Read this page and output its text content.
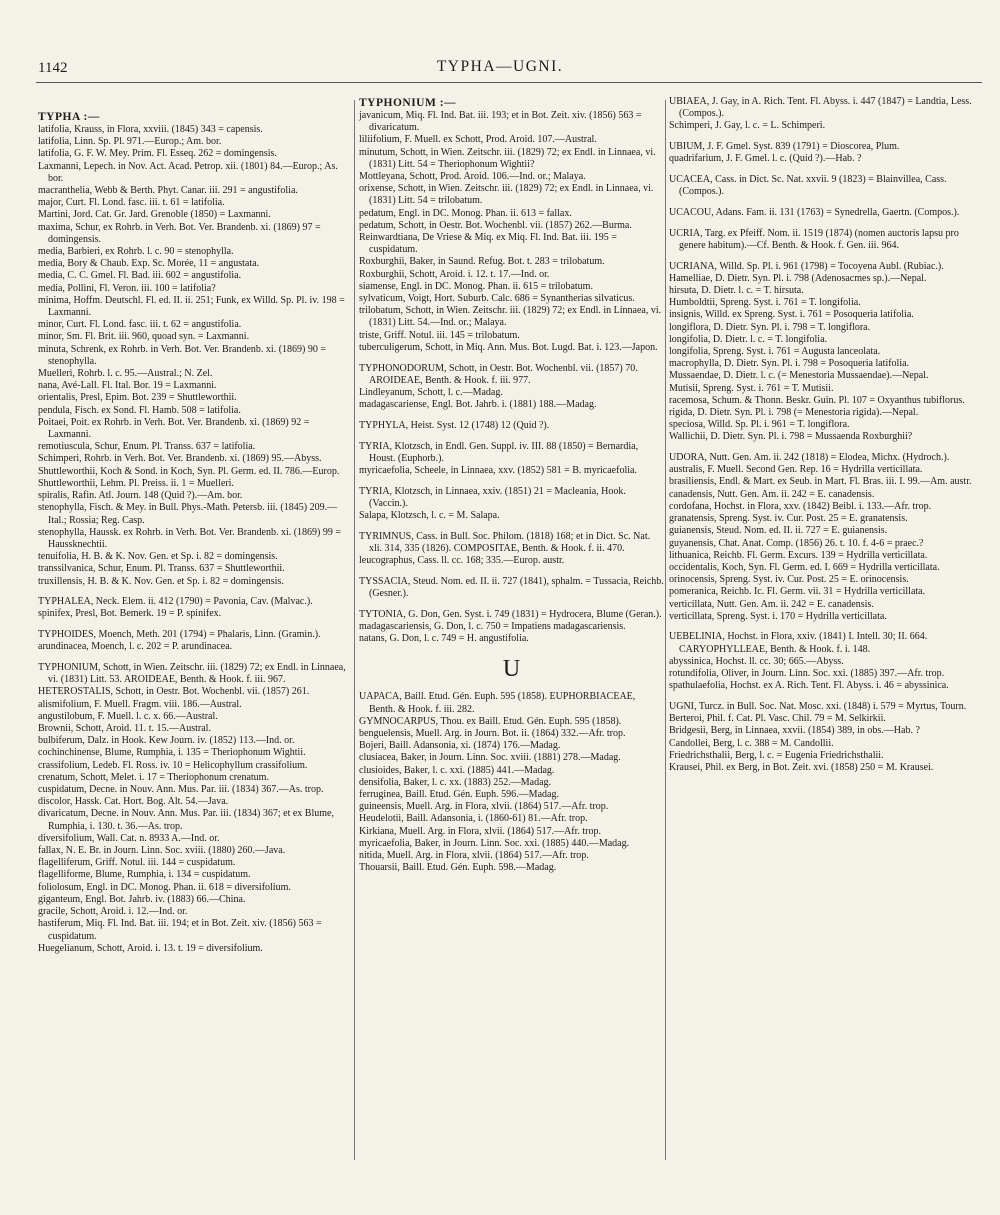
1142	TYPHA—UGNI.

TYPHA :—

latifolia, Krauss, in Flora, xxviii. (1845) 343 = capensis.

latifolia, Linn. Sp. Pl. 971.—Europ.; Am. bor.

latifolia, G. F. W. Mey. Prim. Fl. Esseq. 262 = domingensis.

Laxmanni, Lepech. in Nov. Act. Acad. Petrop. xii. (1801) 84.—Europ.; As. bor.

macranthelia, Webb & Berth. Phyt. Canar. iii. 291 = angustifolia.

major, Curt. Fl. Lond. fasc. iii. t. 61 = latifolia.

Martini, Jord. Cat. Gr. Jard. Grenoble (1850) = Laxmanni.

maxima, Schur, ex Rohrb. in Verh. Bot. Ver. Brandenb. xi. (1869) 97 = domingensis.

media, Barbieri, ex Rohrb. l. c. 90 = stenophylla.

media, Bory & Chaub. Exp. Sc. Morée, 11 = angustata.

media, C. C. Gmel. Fl. Bad. iii. 602 = angustifolia.

media, Pollini, Fl. Veron. iii. 100 = latifolia?

minima, Hoffm. Deutschl. Fl. ed. II. ii. 251; Funk, ex Willd. Sp. Pl. iv. 198 = Laxmanni.

minor, Curt. Fl. Lond. fasc. iii. t. 62 = angustifolia.

minor, Sm. Fl. Brit. iii. 960, quoad syn. = Laxmanni.

minuta, Schrenk, ex Rohrb. in Verh. Bot. Ver. Brandenb. xi. (1869) 90 = stenophylla.

Muelleri, Rohrb. l. c. 95.—Austral.; N. Zel.

nana, Avé-Lall. Fl. Ital. Bor. 19 = Laxmanni.

orientalis, Presl, Epim. Bot. 239 = Shuttleworthii.

pendula, Fisch. ex Sond. Fl. Hamb. 508 = latifolia.

Poitaei, Poit. ex Rohrb. in Verh. Bot. Ver. Brandenb. xi. (1869) 92 = Laxmanni.

remotiuscula, Schur, Enum. Pl. Transs. 637 = latifolia.

Schimperi, Rohrb. in Verh. Bot. Ver. Brandenb. xi. (1869) 95.—Abyss.

Shuttleworthii, Koch & Sond. in Koch, Syn. Pl. Germ. ed. II. 786.—Europ.

Shuttleworthii, Lehm. Pl. Preiss. ii. 1 = Muelleri.

spiralis, Rafin. Atl. Journ. 148 (Quid ?).—Am. bor.

stenophylla, Fisch. & Mey. in Bull. Phys.-Math. Petersb. iii. (1845) 209.—Ital.; Rossia; Reg. Casp.

stenophylla, Haussk. ex Rohrb. in Verh. Bot. Ver. Brandenb. xi. (1869) 99 = Haussknechtii.

tenuifolia, H. B. & K. Nov. Gen. et Sp. i. 82 = domingensis.

transsilvanica, Schur, Enum. Pl. Transs. 637 = Shuttleworthii.

truxillensis, H. B. & K. Nov. Gen. et Sp. i. 82 = domingensis.

TYPHALEA, Neck. Elem. ii. 412 (1790) = Pavonia, Cav. (Malvac.).

spinifex, Presl, Bot. Bemerk. 19 = P. spinifex.

TYPHOIDES, Moench, Meth. 201 (1794) = Phalaris, Linn. (Gramin.).

arundinacea, Moench, l. c. 202 = P. arundinacea.

TYPHONIUM, Schott, in Wien. Zeitschr. iii. (1829) 72; ex Endl. in Linnaea, vi. (1831) Litt. 53. AROIDEAE, Benth. & Hook. f. iii. 967.

HETEROSTALIS, Schott, in Oestr. Bot. Wochenbl. vii. (1857) 261.

alismifolium, F. Muell. Fragm. viii. 186.—Austral.

angustilobum, F. Muell. l. c. x. 66.—Austral.

Brownii, Schott, Aroid. 11. t. 15.—Austral.

bulbiferum, Dalz. in Hook. Kew Journ. iv. (1852) 113.—Ind. or.

cochinchinense, Blume, Rumphia, i. 135 = Theriophonum Wightii.

crassifolium, Ledeb. Fl. Ross. iv. 10 = Helicophyllum crassifolium.

crenatum, Schott, Melet. i. 17 = Theriophonum crenatum.

cuspidatum, Decne. in Nouv. Ann. Mus. Par. iii. (1834) 367.—As. trop.

discolor, Hassk. Cat. Hort. Bog. Alt. 54.—Java.

divaricatum, Decne. in Nouv. Ann. Mus. Par. iii. (1834) 367; et ex Blume, Rumphia, i. 130. t. 36.—As. trop.

diversifolium, Wall. Cat. n. 8933 A.—Ind. or.

fallax, N. E. Br. in Journ. Linn. Soc. xviii. (1880) 260.—Java.

flagelliferum, Griff. Notul. iii. 144 = cuspidatum.

flagelliforme, Blume, Rumphia, i. 134 = cuspidatum.

foliolosum, Engl. in DC. Monog. Phan. ii. 618 = diversifolium.

giganteum, Engl. Bot. Jahrb. iv. (1883) 66.—China.

gracile, Schott, Aroid. i. 12.—Ind. or.

hastiferum, Miq. Fl. Ind. Bat. iii. 194; et in Bot. Zeit. xiv. (1856) 563 = cuspidatum.

Huegelianum, Schott, Aroid. i. 13. t. 19 = diversifolium.

TYPHONIUM :—

javanicum, Miq. Fl. Ind. Bat. iii. 193; et in Bot. Zeit. xiv. (1856) 563 = divaricatum.

liliifolium, F. Muell. ex Schott, Prod. Aroid. 107.—Austral.

minutum, Schott, in Wien. Zeitschr. iii. (1829) 72; ex Endl. in Linnaea, vi. (1831) Litt. 54 = Theriophonum Wightii?

Mottleyana, Schott, Prod. Aroid. 106.—Ind. or.; Malaya.

orixense, Schott, in Wien. Zeitschr. iii. (1829) 72; ex Endl. in Linnaea, vi. (1831) Litt. 54 = trilobatum.

pedatum, Engl. in DC. Monog. Phan. ii. 613 = fallax.

pedatum, Schott, in Oestr. Bot. Wochenbl. vii. (1857) 262.—Burma.

Reinwardtiana, De Vriese & Miq. ex Miq. Fl. Ind. Bat. iii. 195 = cuspidatum.

Roxburghii, Baker, in Saund. Refug. Bot. t. 283 = trilobatum.

Roxburghii, Schott, Aroid. i. 12. t. 17.—Ind. or.

siamense, Engl. in DC. Monog. Phan. ii. 615 = trilobatum.

sylvaticum, Voigt, Hort. Suburb. Calc. 686 = Synantherias silvaticus.

trilobatum, Schott, in Wien. Zeitschr. iii. (1829) 72; ex Endl. in Linnaea, vi. (1831) Litt. 54.—Ind. or.; Malaya.

triste, Griff. Notul. iii. 145 = trilobatum.

tuberculigerum, Schott, in Miq. Ann. Mus. Bot. Lugd. Bat. i. 123.—Japon.

TYPHONODORUM, Schott, in Oestr. Bot. Wochenbl. vii. (1857) 70. AROIDEAE, Benth. & Hook. f. iii. 977.

Lindleyanum, Schott, l. c.—Madag.

madagascariense, Engl. Bot. Jahrb. i. (1881) 188.—Madag.

TYPHYLA, Heist. Syst. 12 (1748) 12 (Quid ?).

TYRIA, Klotzsch, in Endl. Gen. Suppl. iv. III. 88 (1850) = Bernardia, Houst. (Euphorb.).

myricaefolia, Scheele, in Linnaea, xxv. (1852) 581 = B. myricaefolia.

TYRIA, Klotzsch, in Linnaea, xxiv. (1851) 21 = Macleania, Hook. (Vaccin.).

Salapa, Klotzsch, l. c. = M. Salapa.

TYRIMNUS, Cass. in Bull. Soc. Philom. (1818) 168; et in Dict. Sc. Nat. xli. 314, 335 (1826). COMPOSITAE, Benth. & Hook. f. ii. 470.

leucographus, Cass. ll. cc. 168; 335.—Europ. austr.

TYSSACIA, Steud. Nom. ed. II. ii. 727 (1841), sphalm. = Tussacia, Reichb. (Gesner.).

TYTONIA, G. Don, Gen. Syst. i. 749 (1831) = Hydrocera, Blume (Geran.).

madagascariensis, G. Don, l. c. 750 = Impatiens madagascariensis.

natans, G. Don, l. c. 749 = H. angustifolia.

U

UAPACA, Baill. Etud. Gén. Euph. 595 (1858). EUPHORBIACEAE, Benth. & Hook. f. iii. 282.

GYMNOCARPUS, Thou. ex Baill. Etud. Gén. Euph. 595 (1858).

benguelensis, Muell. Arg. in Journ. Bot. ii. (1864) 332.—Afr. trop.

Bojeri, Baill. Adansonia, xi. (1874) 176.—Madag.

clusiacea, Baker, in Journ. Linn. Soc. xviii. (1881) 278.—Madag.

clusioides, Baker, l. c. xxi. (1885) 441.—Madag.

densifolia, Baker, l. c. xx. (1883) 252.—Madag.

ferruginea, Baill. Etud. Gén. Euph. 596.—Madag.

guineensis, Muell. Arg. in Flora, xlvii. (1864) 517.—Afr. trop.

Heudelotii, Baill. Adansonia, i. (1860-61) 81.—Afr. trop.

Kirkiana, Muell. Arg. in Flora, xlvii. (1864) 517.—Afr. trop.

myricaefolia, Baker, in Journ. Linn. Soc. xxi. (1885) 440.—Madag.

nitida, Muell. Arg. in Flora, xlvii. (1864) 517.—Afr. trop.

Thouarsii, Baill. Etud. Gén. Euph. 598.—Madag.

UBIAEA, J. Gay, in A. Rich. Tent. Fl. Abyss. i. 447 (1847) = Landtia, Less. (Compos.).

Schimperi, J. Gay, l. c. = L. Schimperi.

UBIUM, J. F. Gmel. Syst. 839 (1791) = Dioscorea, Plum.

quadrifarium, J. F. Gmel. l. c. (Quid ?).—Hab. ?

UCACEA, Cass. in Dict. Sc. Nat. xxvii. 9 (1823) = Blainvillea, Cass. (Compos.).

UCACOU, Adans. Fam. ii. 131 (1763) = Synedrella, Gaertn. (Compos.).

UCRIA, Targ. ex Pfeiff. Nom. ii. 1519 (1874) (nomen auctoris lapsu pro genere habitum).—Cf. Benth. & Hook. f. Gen. iii. 964.

UCRIANA, Willd. Sp. Pl. i. 961 (1798) = Tocoyena Aubl. (Rubiac.).

Hamelliae, D. Dietr. Syn. Pl. i. 798 (Adenosacmes sp.).—Nepal.

hirsuta, D. Dietr. l. c. = T. hirsuta.

Humboldtii, Spreng. Syst. i. 761 = T. longifolia.

insignis, Willd. ex Spreng. Syst. i. 761 = Posoqueria latifolia.

longiflora, D. Dietr. Syn. Pl. i. 798 = T. longiflora.

longifolia, D. Dietr. l. c. = T. longifolia.

longifolia, Spreng. Syst. i. 761 = Augusta lanceolata.

macrophylla, D. Dietr. Syn. Pl. i. 798 = Posoqueria latifolia.

Mussaendae, D. Dietr. l. c. (= Menestoria Mussaendae).—Nepal.

Mutisii, Spreng. Syst. i. 761 = T. Mutisii.

racemosa, Schum. & Thonn. Beskr. Guin. Pl. 107 = Oxyanthus tubiflorus.

rigida, D. Dietr. Syn. Pl. i. 798 (= Menestoria rigida).—Nepal.

speciosa, Willd. Sp. Pl. i. 961 = T. longiflora.

Wallichii, D. Dietr. Syn. Pl. i. 798 = Mussaenda Roxburghii?

UDORA, Nutt. Gen. Am. ii. 242 (1818) = Elodea, Michx. (Hydroch.).

australis, F. Muell. Second Gen. Rep. 16 = Hydrilla verticillata.

brasiliensis, Endl. & Mart. ex Seub. in Mart. Fl. Bras. iii. I. 99.—Am. austr.

canadensis, Nutt. Gen. Am. ii. 242 = E. canadensis.

cordofana, Hochst. in Flora, xxv. (1842) Beibl. i. 133.—Afr. trop.

granatensis, Spreng. Syst. iv. Cur. Post. 25 = E. granatensis.

guianensis, Steud. Nom. ed. II. ii. 727 = E. guianensis.

guyanensis, Chat. Anat. Comp. (1856) 26. t. 10. f. 4-6 = praec.?

lithuanica, Reichb. Fl. Germ. Excurs. 139 = Hydrilla verticillata.

occidentalis, Koch, Syn. Fl. Germ. ed. I. 669 = Hydrilla verticillata.

orinocensis, Spreng. Syst. iv. Cur. Post. 25 = E. orinocensis.

pomeranica, Reichb. Ic. Fl. Germ. vii. 31 = Hydrilla verticillata.

verticillata, Nutt. Gen. Am. ii. 242 = E. canadensis.

verticillata, Spreng. Syst. i. 170 = Hydrilla verticillata.

UEBELINIA, Hochst. in Flora, xxiv. (1841) I. Intell. 30; II. 664. CARYOPHYLLEAE, Benth. & Hook. f. i. 148.

abyssinica, Hochst. ll. cc. 30; 665.—Abyss.

rotundifolia, Oliver, in Journ. Linn. Soc. xxi. (1885) 397.—Afr. trop.

spathulaefolia, Hochst. ex A. Rich. Tent. Fl. Abyss. i. 46 = abyssinica.

UGNI, Turcz. in Bull. Soc. Nat. Mosc. xxi. (1848) i. 579 = Myrtus, Tourn.

Berteroi, Phil. f. Cat. Pl. Vasc. Chil. 79 = M. Selkirkii.

Bridgesii, Berg, in Linnaea, xxvii. (1854) 389, in obs.—Hab. ?

Candollei, Berg, l. c. 388 = M. Candollii.

Friedrichsthalii, Berg, l. c. = Eugenia Friedrichsthalii.

Krausei, Phil. ex Berg, in Bot. Zeit. xvi. (1858) 250 = M. Krausei.
